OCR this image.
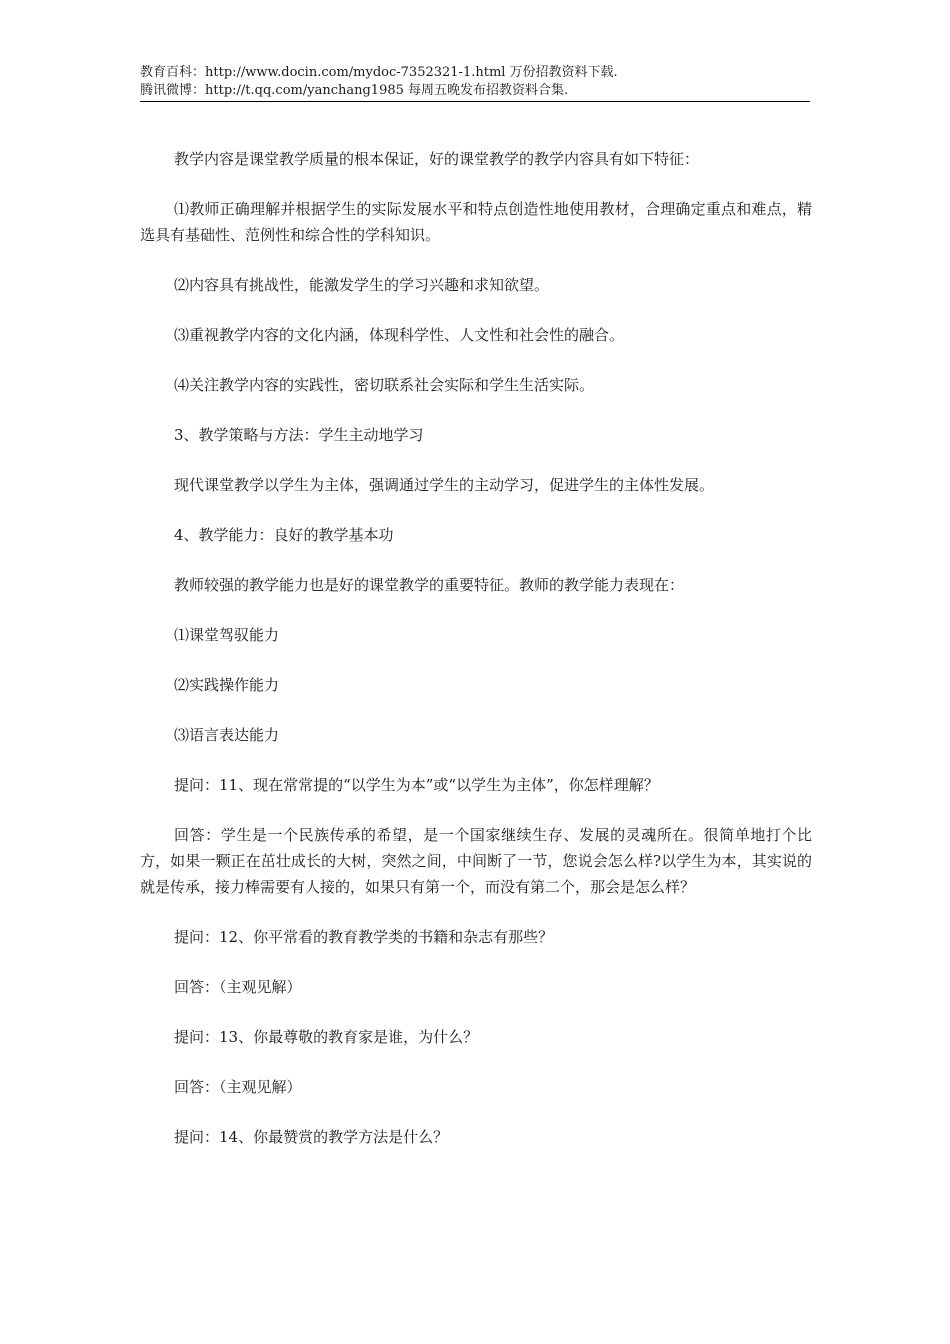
教育百科：http://www.docin.com/mydoc-7352321-1.html 万份招教资料下载.
腾讯微博：http://t.qq.com/yanchang1985 每周五晚发布招教资料合集.

教学内容是课堂教学质量的根本保证，好的课堂教学的教学内容具有如下特征：

⑴教师正确理解并根据学生的实际发展水平和特点创造性地使用教材，合理确定重点和难点，精选具有基础性、范例性和综合性的学科知识。

⑵内容具有挑战性，能激发学生的学习兴趣和求知欲望。

⑶重视教学内容的文化内涵，体现科学性、人文性和社会性的融合。

⑷关注教学内容的实践性，密切联系社会实际和学生生活实际。

3、教学策略与方法：学生主动地学习

现代课堂教学以学生为主体，强调通过学生的主动学习，促进学生的主体性发展。

4、教学能力：良好的教学基本功

教师较强的教学能力也是好的课堂教学的重要特征。教师的教学能力表现在：

⑴课堂驾驭能力

⑵实践操作能力

⑶语言表达能力

提问：11、现在常常提的“以学生为本”或“以学生为主体”，你怎样理解？

回答：学生是一个民族传承的希望，是一个国家继续生存、发展的灵魂所在。很简单地打个比方，如果一颗正在茁壮成长的大树，突然之间，中间断了一节，您说会怎么样?以学生为本，其实说的就是传承，接力棒需要有人接的，如果只有第一个，而没有第二个，那会是怎么样？

提问：12、你平常看的教育教学类的书籍和杂志有那些？

回答：（主观见解）

提问：13、你最尊敬的教育家是谁，为什么？

回答：（主观见解）

提问：14、你最赞赏的教学方法是什么？
